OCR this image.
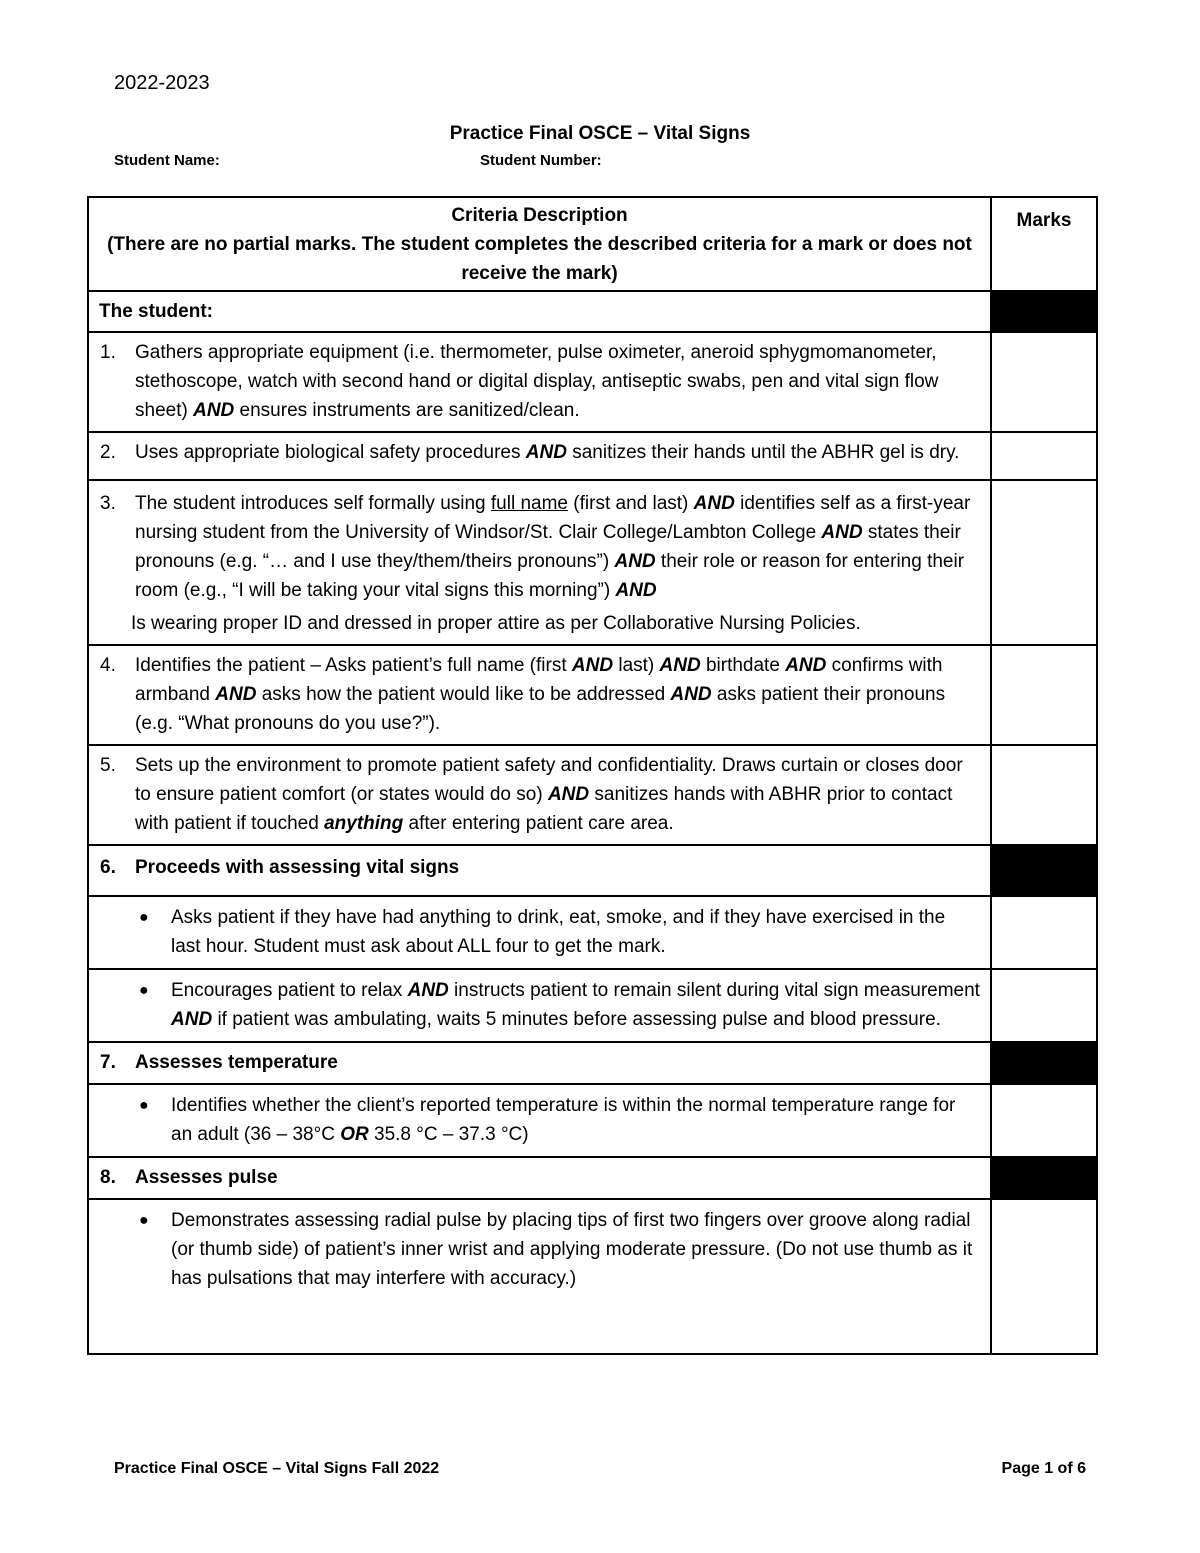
2022-2023
Practice Final OSCE – Vital Signs
Student Name:	Student Number:
Criteria Description
(There are no partial marks. The student completes the described criteria for a mark or does not receive the mark)	Marks
The student:	

1. Gathers appropriate equipment (i.e. thermometer, pulse oximeter, aneroid sphygmomanometer, stethoscope, watch with second hand or digital display, antiseptic swabs, pen and vital sign flow sheet) AND ensures instruments are sanitized/clean.	

2. Uses appropriate biological safety procedures AND sanitizes their hands until the ABHR gel is dry.	

3. The student introduces self formally using full name (first and last) AND identifies self as a first-year nursing student from the University of Windsor/St. Clair College/Lambton College AND states their pronouns (e.g. “… and I use they/them/theirs pronouns”) AND their role or reason for entering their room (e.g., “I will be taking your vital signs this morning”) AND
Is wearing proper ID and dressed in proper attire as per Collaborative Nursing Policies.	

4. Identifies the patient – Asks patient’s full name (first AND last) AND birthdate AND confirms with armband AND asks how the patient would like to be addressed AND asks patient their pronouns (e.g. “What pronouns do you use?”).	

5. Sets up the environment to promote patient safety and confidentiality. Draws curtain or closes door to ensure patient comfort (or states would do so) AND sanitizes hands with ABHR prior to contact with patient if touched anything after entering patient care area.	

6. Proceeds with assessing vital signs	

● Asks patient if they have had anything to drink, eat, smoke, and if they have exercised in the last hour. Student must ask about ALL four to get the mark.	

● Encourages patient to relax AND instructs patient to remain silent during vital sign measurement AND if patient was ambulating, waits 5 minutes before assessing pulse and blood pressure.	

7. Assesses temperature	

● Identifies whether the client’s reported temperature is within the normal temperature range for an adult (36 – 38°C OR 35.8 °C – 37.3 °C)	

8. Assesses pulse	

● Demonstrates assessing radial pulse by placing tips of first two fingers over groove along radial (or thumb side) of patient’s inner wrist and applying moderate pressure. (Do not use thumb as it has pulsations that may interfere with accuracy.)	
Practice Final OSCE – Vital Signs Fall 2022	Page 1 of 6
